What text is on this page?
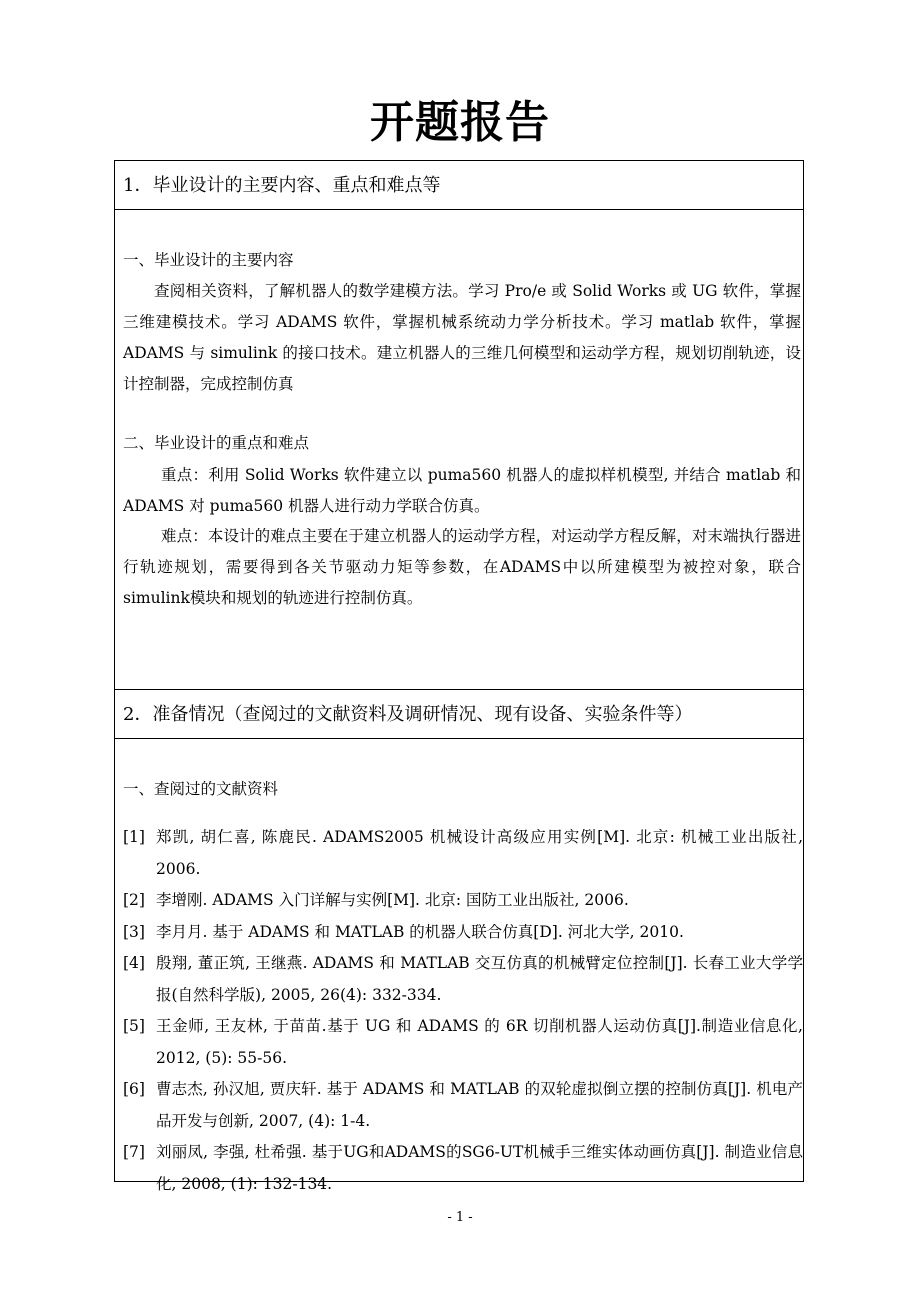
开题报告
1．毕业设计的主要内容、重点和难点等
一、毕业设计的主要内容
查阅相关资料，了解机器人的数学建模方法。学习 Pro/e 或 Solid Works 或 UG 软件，掌握三维建模技术。学习 ADAMS 软件，掌握机械系统动力学分析技术。学习 matlab 软件，掌握 ADAMS 与 simulink 的接口技术。建立机器人的三维几何模型和运动学方程，规划切削轨迹，设计控制器，完成控制仿真
二、毕业设计的重点和难点
重点：利用 Solid Works 软件建立以 puma560 机器人的虚拟样机模型, 并结合 matlab 和 ADAMS 对 puma560 机器人进行动力学联合仿真。
难点：本设计的难点主要在于建立机器人的运动学方程，对运动学方程反解，对末端执行器进行轨迹规划，需要得到各关节驱动力矩等参数，在ADAMS中以所建模型为被控对象，联合simulink模块和规划的轨迹进行控制仿真。
2．准备情况（查阅过的文献资料及调研情况、现有设备、实验条件等）
一、查阅过的文献资料
[1] 郑凯, 胡仁喜, 陈鹿民. ADAMS2005 机械设计高级应用实例[M]. 北京: 机械工业出版社, 2006.
[2] 李增刚. ADAMS 入门详解与实例[M]. 北京: 国防工业出版社, 2006.
[3] 李月月. 基于 ADAMS 和 MATLAB 的机器人联合仿真[D]. 河北大学, 2010.
[4] 殷翔, 董正筑, 王继燕. ADAMS 和 MATLAB 交互仿真的机械臂定位控制[J]. 长春工业大学学报(自然科学版), 2005, 26(4): 332-334.
[5] 王金师, 王友林, 于苗苗.基于 UG 和 ADAMS 的 6R 切削机器人运动仿真[J].制造业信息化, 2012, (5): 55-56.
[6] 曹志杰, 孙汉旭, 贾庆轩. 基于 ADAMS 和 MATLAB 的双轮虚拟倒立摆的控制仿真[J]. 机电产品开发与创新, 2007, (4): 1-4.
[7] 刘丽凤, 李强, 杜希强. 基于UG和ADAMS的SG6-UT机械手三维实体动画仿真[J]. 制造业信息化, 2008, (1): 132-134.
- 1 -
